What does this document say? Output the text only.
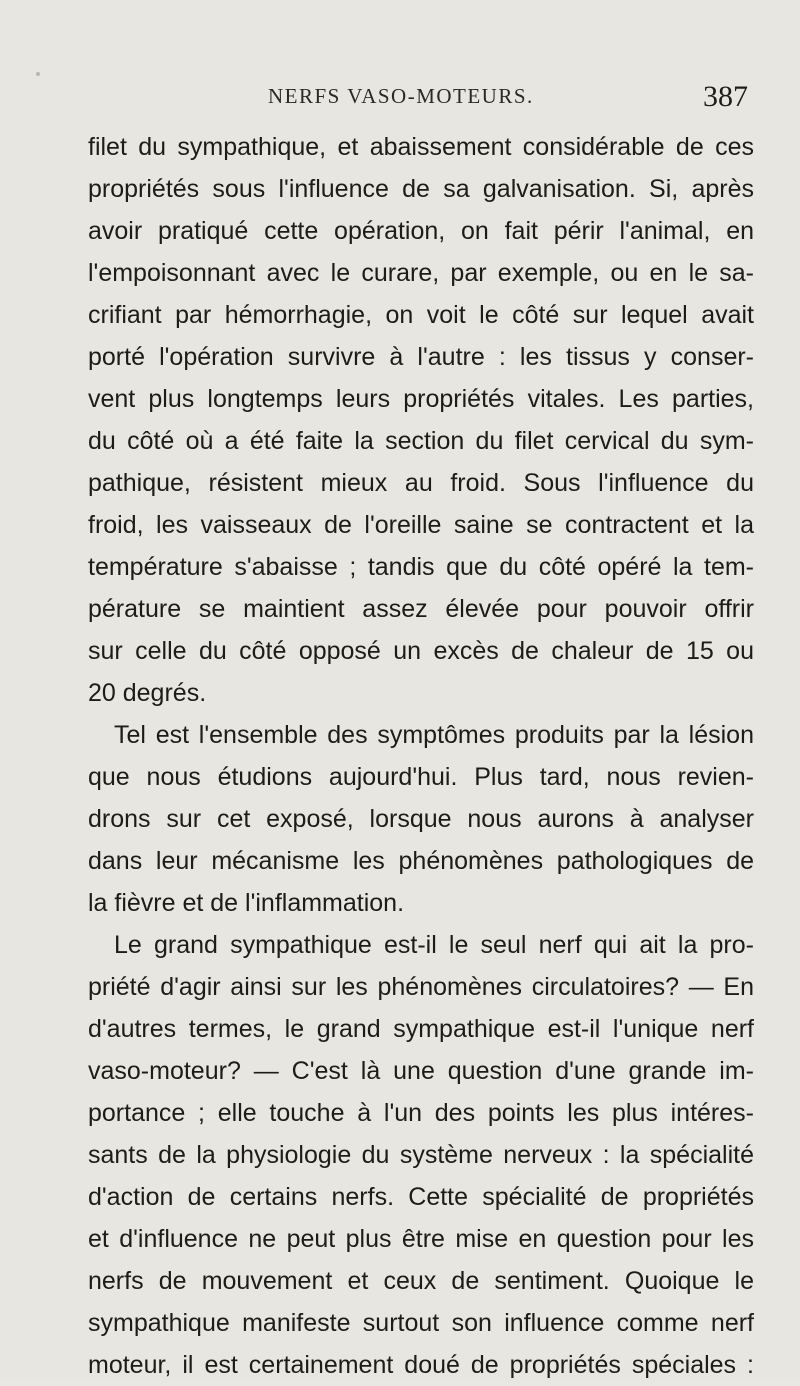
NERFS VASO-MOTEURS.	387
filet du sympathique, et abaissement considérable de ces
propriétés sous l'influence de sa galvanisation. Si, après
avoir pratiqué cette opération, on fait périr l'animal, en
l'empoisonnant avec le curare, par exemple, ou en le sa-
crifiant par hémorrhagie, on voit le côté sur lequel avait
porté l'opération survivre à l'autre : les tissus y conser-
vent plus longtemps leurs propriétés vitales. Les parties,
du côté où a été faite la section du filet cervical du sym-
pathique, résistent mieux au froid. Sous l'influence du
froid, les vaisseaux de l'oreille saine se contractent et la
température s'abaisse ; tandis que du côté opéré la tem-
pérature se maintient assez élevée pour pouvoir offrir
sur celle du côté opposé un excès de chaleur de 15 ou
20 degrés.
Tel est l'ensemble des symptômes produits par la lésion
que nous étudions aujourd'hui. Plus tard, nous revien-
drons sur cet exposé, lorsque nous aurons à analyser
dans leur mécanisme les phénomènes pathologiques de
la fièvre et de l'inflammation.
Le grand sympathique est-il le seul nerf qui ait la pro-
priété d'agir ainsi sur les phénomènes circulatoires? — En
d'autres termes, le grand sympathique est-il l'unique nerf
vaso-moteur? — C'est là une question d'une grande im-
portance ; elle touche à l'un des points les plus intéres-
sants de la physiologie du système nerveux : la spécialité
d'action de certains nerfs. Cette spécialité de propriétés
et d'influence ne peut plus être mise en question pour les
nerfs de mouvement et ceux de sentiment. Quoique le
sympathique manifeste surtout son influence comme nerf
moteur, il est certainement doué de propriétés spéciales :
